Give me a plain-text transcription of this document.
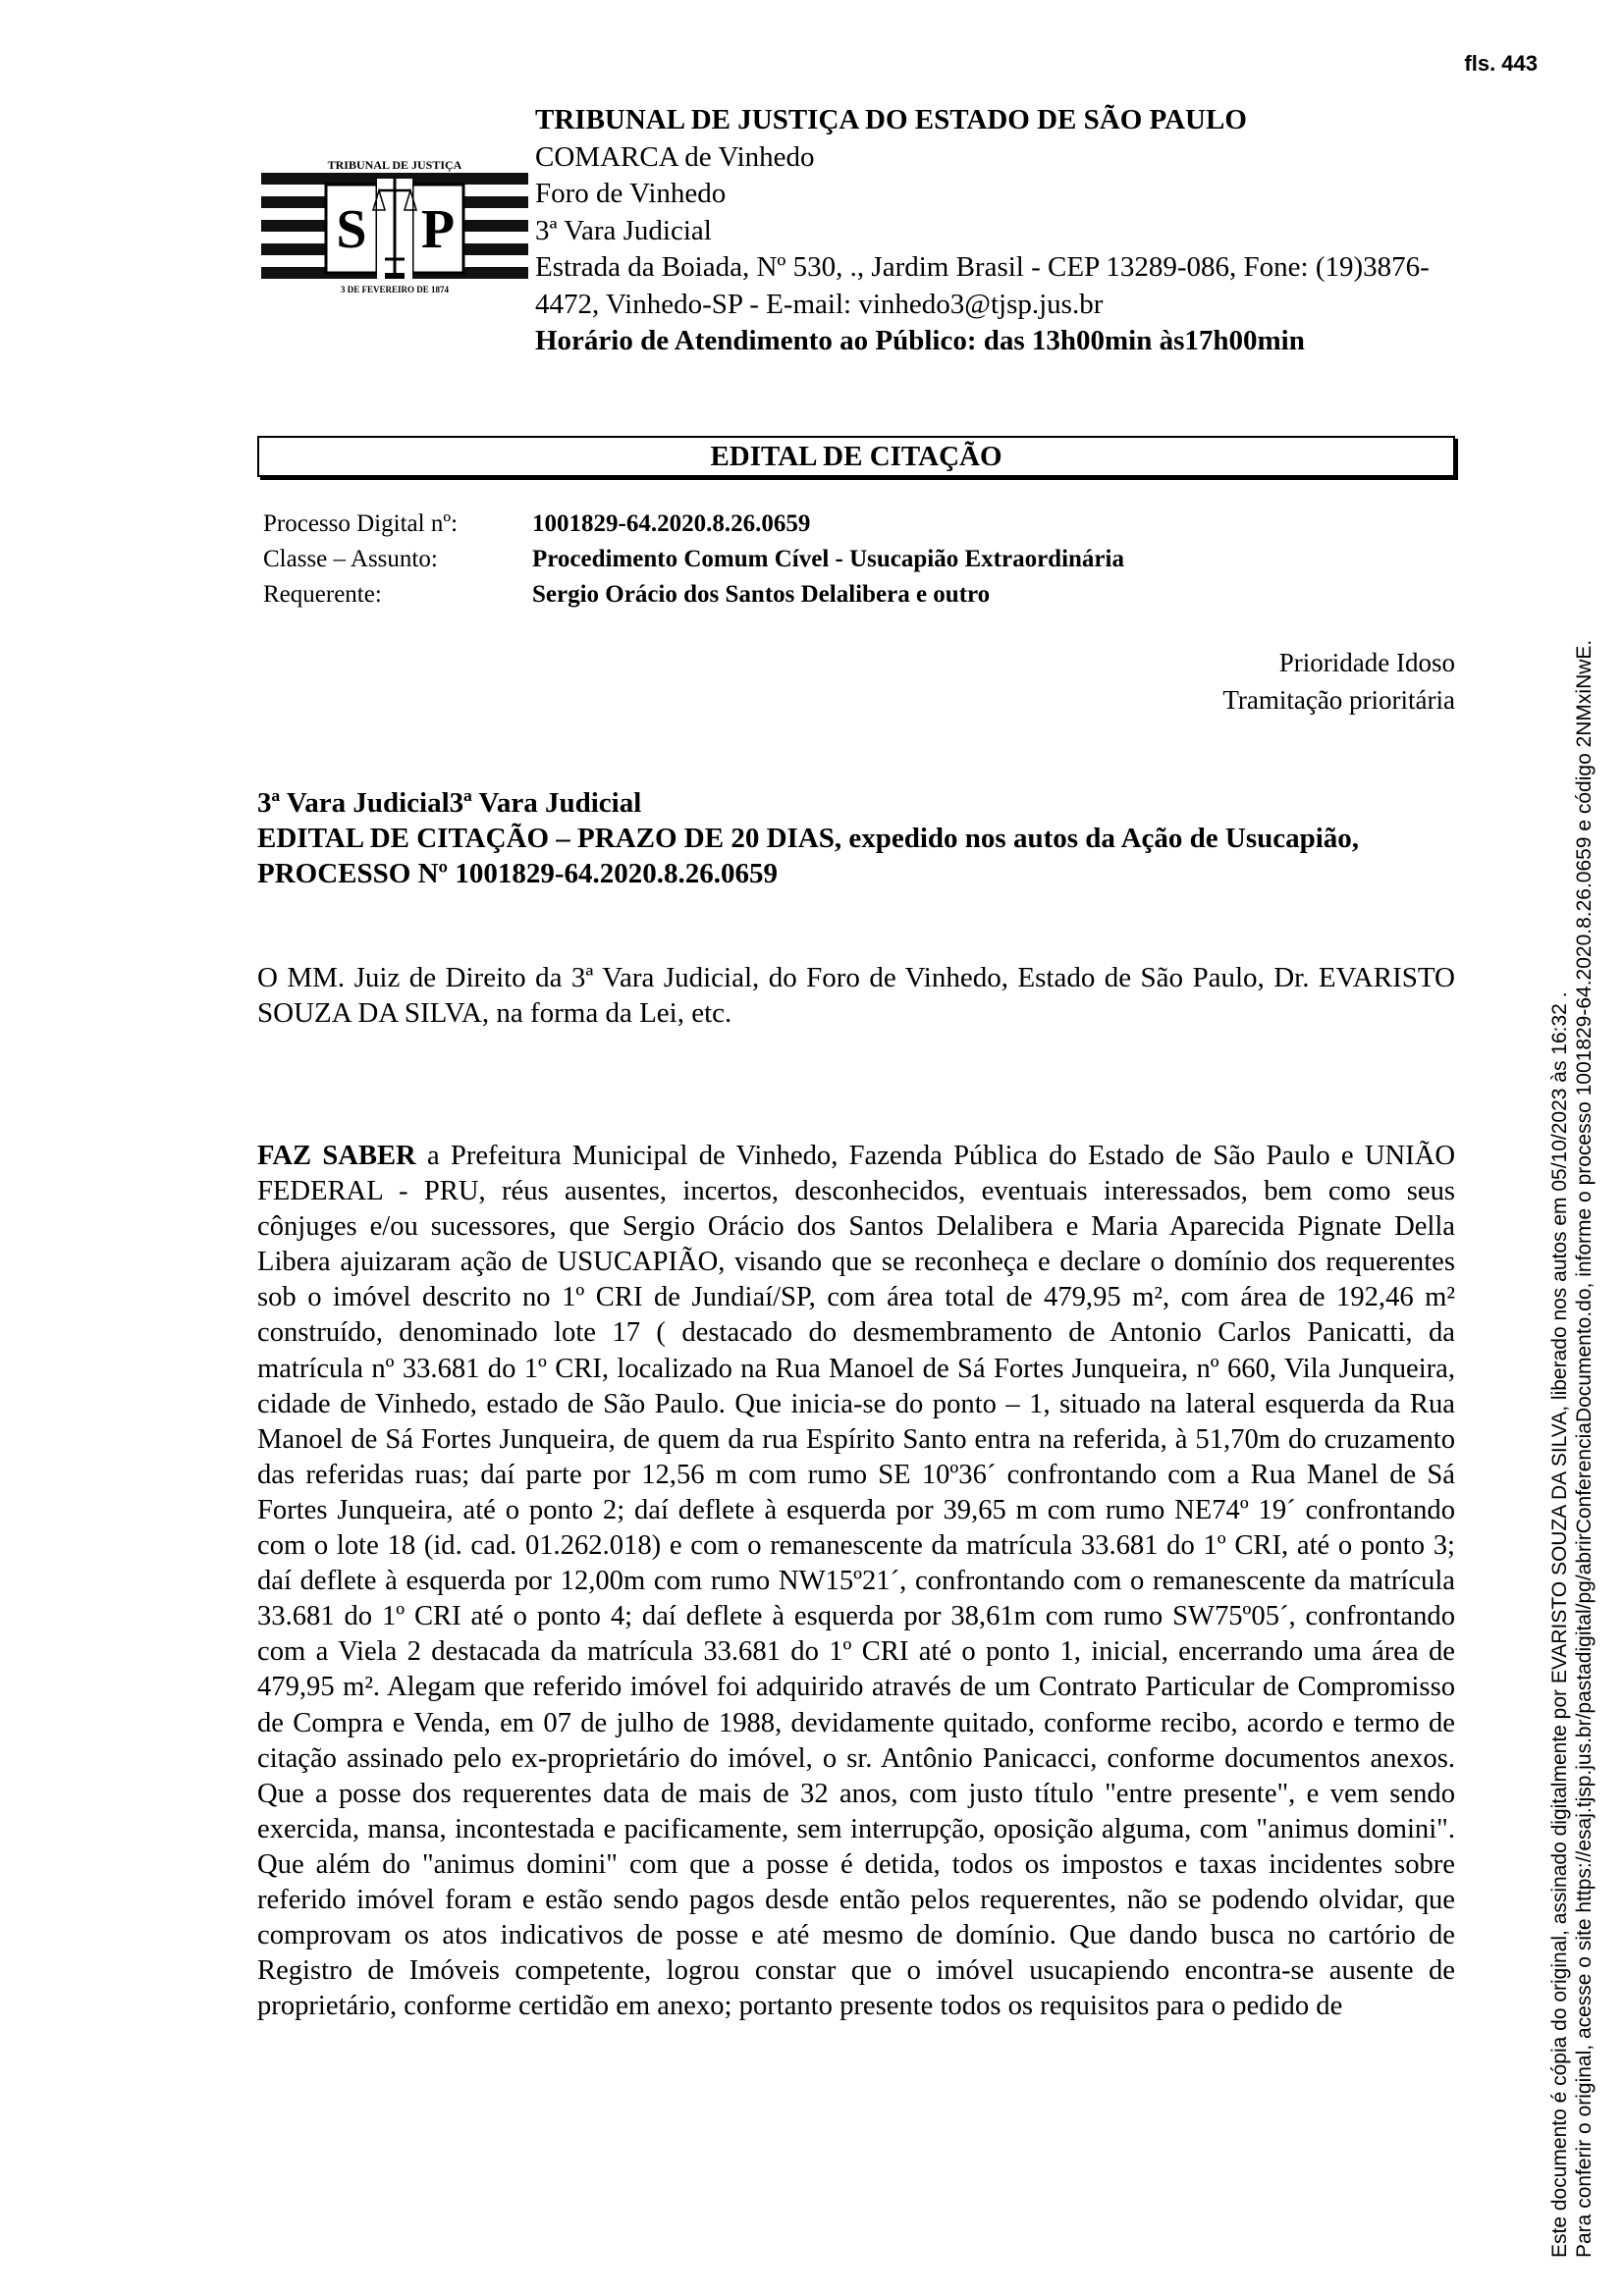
fls. 443
TRIBUNAL DE JUSTIÇA
S P
3 DE FEVEREIRO DE 1874
TRIBUNAL DE JUSTIÇA DO ESTADO DE SÃO PAULO
COMARCA de Vinhedo
Foro de Vinhedo
3ª Vara Judicial
Estrada da Boiada, Nº 530, ., Jardim Brasil - CEP 13289-086, Fone: (19)3876-4472, Vinhedo-SP - E-mail: vinhedo3@tjsp.jus.br
Horário de Atendimento ao Público: das 13h00min às17h00min
EDITAL DE CITAÇÃO
Processo Digital nº:	1001829-64.2020.8.26.0659
Classe – Assunto:	Procedimento Comum Cível - Usucapião Extraordinária
Requerente:	Sergio Orácio dos Santos Delalibera e outro
Prioridade Idoso
Tramitação prioritária
3ª Vara Judicial3ª Vara Judicial
EDITAL DE CITAÇÃO – PRAZO DE 20 DIAS, expedido nos autos da Ação de Usucapião, PROCESSO Nº 1001829-64.2020.8.26.0659
O MM. Juiz de Direito da 3ª Vara Judicial, do Foro de Vinhedo, Estado de São Paulo, Dr. EVARISTO SOUZA DA SILVA, na forma da Lei, etc.
FAZ SABER a Prefeitura Municipal de Vinhedo, Fazenda Pública do Estado de São Paulo e UNIÃO FEDERAL - PRU, réus ausentes, incertos, desconhecidos, eventuais interessados, bem como seus cônjuges e/ou sucessores, que Sergio Orácio dos Santos Delalibera e Maria Aparecida Pignate Della Libera ajuizaram ação de USUCAPIÃO, visando que se reconheça e declare o domínio dos requerentes sob o imóvel descrito no 1º CRI de Jundiaí/SP, com área total de 479,95 m², com área de 192,46 m² construído, denominado lote 17 ( destacado do desmembramento de Antonio Carlos Panicatti, da matrícula nº 33.681 do 1º CRI, localizado na Rua Manoel de Sá Fortes Junqueira, nº 660, Vila Junqueira, cidade de Vinhedo, estado de São Paulo. Que inicia-se do ponto – 1, situado na lateral esquerda da Rua Manoel de Sá Fortes Junqueira, de quem da rua Espírito Santo entra na referida, à 51,70m do cruzamento das referidas ruas; daí parte por 12,56 m com rumo SE 10º36´ confrontando com a Rua Manel de Sá Fortes Junqueira, até o ponto 2; daí deflete à esquerda por 39,65 m com rumo NE74º 19´ confrontando com o lote 18 (id. cad. 01.262.018) e com o remanescente da matrícula 33.681 do 1º CRI, até o ponto 3; daí deflete à esquerda por 12,00m com rumo NW15º21´, confrontando com o remanescente da matrícula 33.681 do 1º CRI até o ponto 4; daí deflete à esquerda por 38,61m com rumo SW75º05´, confrontando com a Viela 2 destacada da matrícula 33.681 do 1º CRI até o ponto 1, inicial, encerrando uma área de 479,95 m². Alegam que referido imóvel foi adquirido através de um Contrato Particular de Compromisso de Compra e Venda, em 07 de julho de 1988, devidamente quitado, conforme recibo, acordo e termo de citação assinado pelo ex-proprietário do imóvel, o sr. Antônio Panicacci, conforme documentos anexos. Que a posse dos requerentes data de mais de 32 anos, com justo título "entre presente", e vem sendo exercida, mansa, incontestada e pacificamente, sem interrupção, oposição alguma, com "animus domini". Que além do "animus domini" com que a posse é detida, todos os impostos e taxas incidentes sobre referido imóvel foram e estão sendo pagos desde então pelos requerentes, não se podendo olvidar, que comprovam os atos indicativos de posse e até mesmo de domínio. Que dando busca no cartório de Registro de Imóveis competente, logrou constar que o imóvel usucapiendo encontra-se ausente de proprietário, conforme certidão em anexo; portanto presente todos os requisitos para o pedido de	Este documento é cópia do original, assinado digitalmente por EVARISTO SOUZA DA SILVA, liberado nos autos em 05/10/2023 às 16:32 . Para conferir o original, acesse o site https://esaj.tjsp.jus.br/pastadigital/pg/abrirConferenciaDocumento.do, informe o processo 1001829-64.2020.8.26.0659 e código 2NMxiNwE.
